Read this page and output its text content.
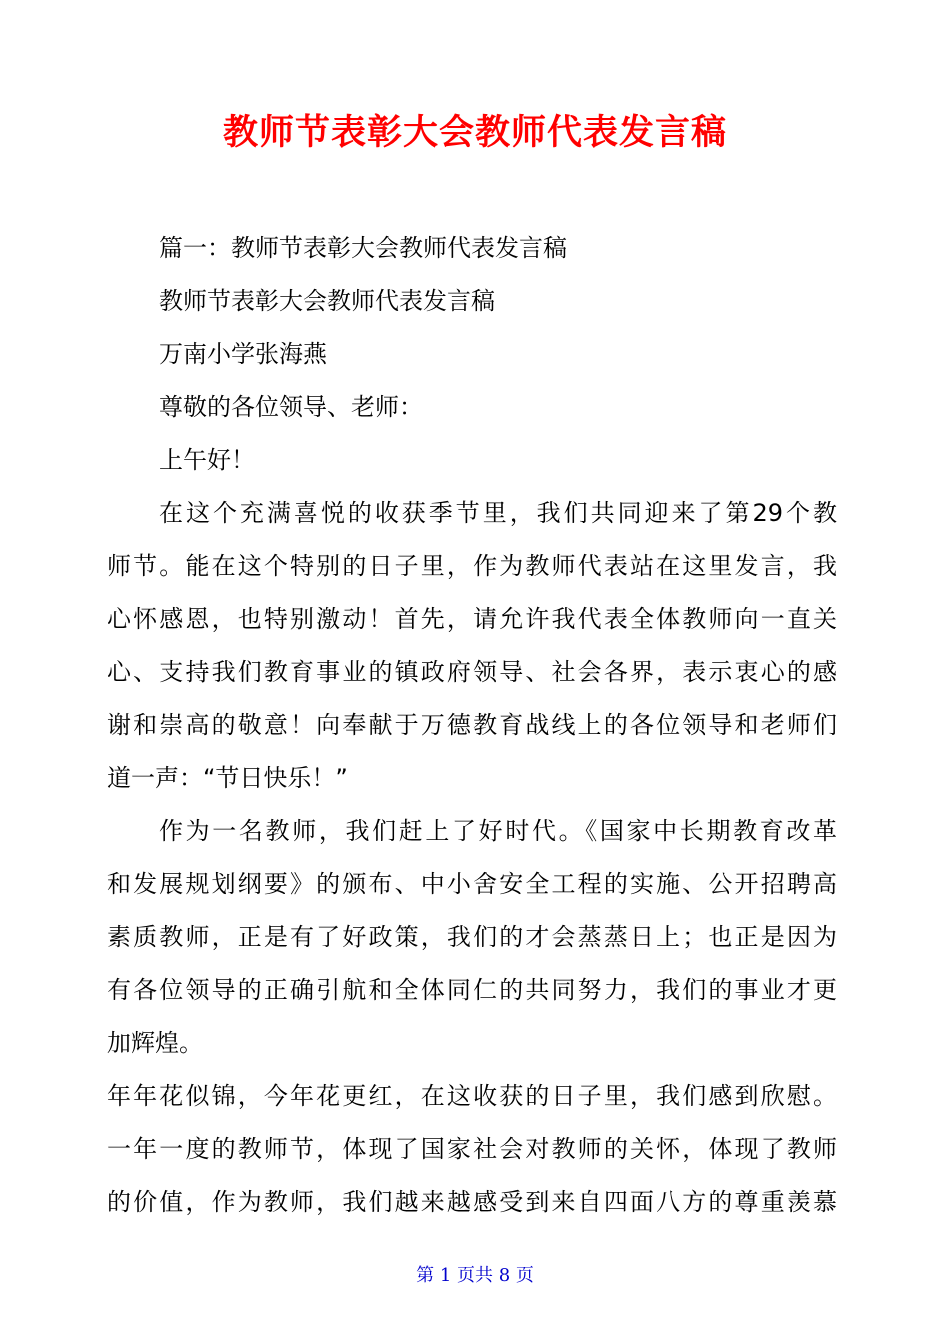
教师节表彰大会教师代表发言稿

篇一：教师节表彰大会教师代表发言稿

教师节表彰大会教师代表发言稿

万南小学张海燕

尊敬的各位领导、老师：

上午好！

在这个充满喜悦的收获季节里，我们共同迎来了第29个教

师节。能在这个特别的日子里，作为教师代表站在这里发言，我

心怀感恩，也特别激动！首先，请允许我代表全体教师向一直关

心、支持我们教育事业的镇政府领导、社会各界，表示衷心的感

谢和崇高的敬意！向奉献于万德教育战线上的各位领导和老师们

道一声：“节日快乐！”

作为一名教师，我们赶上了好时代。《国家中长期教育改革

和发展规划纲要》的颁布、中小舍安全工程的实施、公开招聘高

素质教师，正是有了好政策，我们的才会蒸蒸日上；也正是因为

有各位领导的正确引航和全体同仁的共同努力，我们的事业才更

加辉煌。

年年花似锦，今年花更红，在这收获的日子里，我们感到欣慰。

一年一度的教师节，体现了国家社会对教师的关怀，体现了教师

的价值，作为教师，我们越来越感受到来自四面八方的尊重羡慕

第 1 页共 8 页
